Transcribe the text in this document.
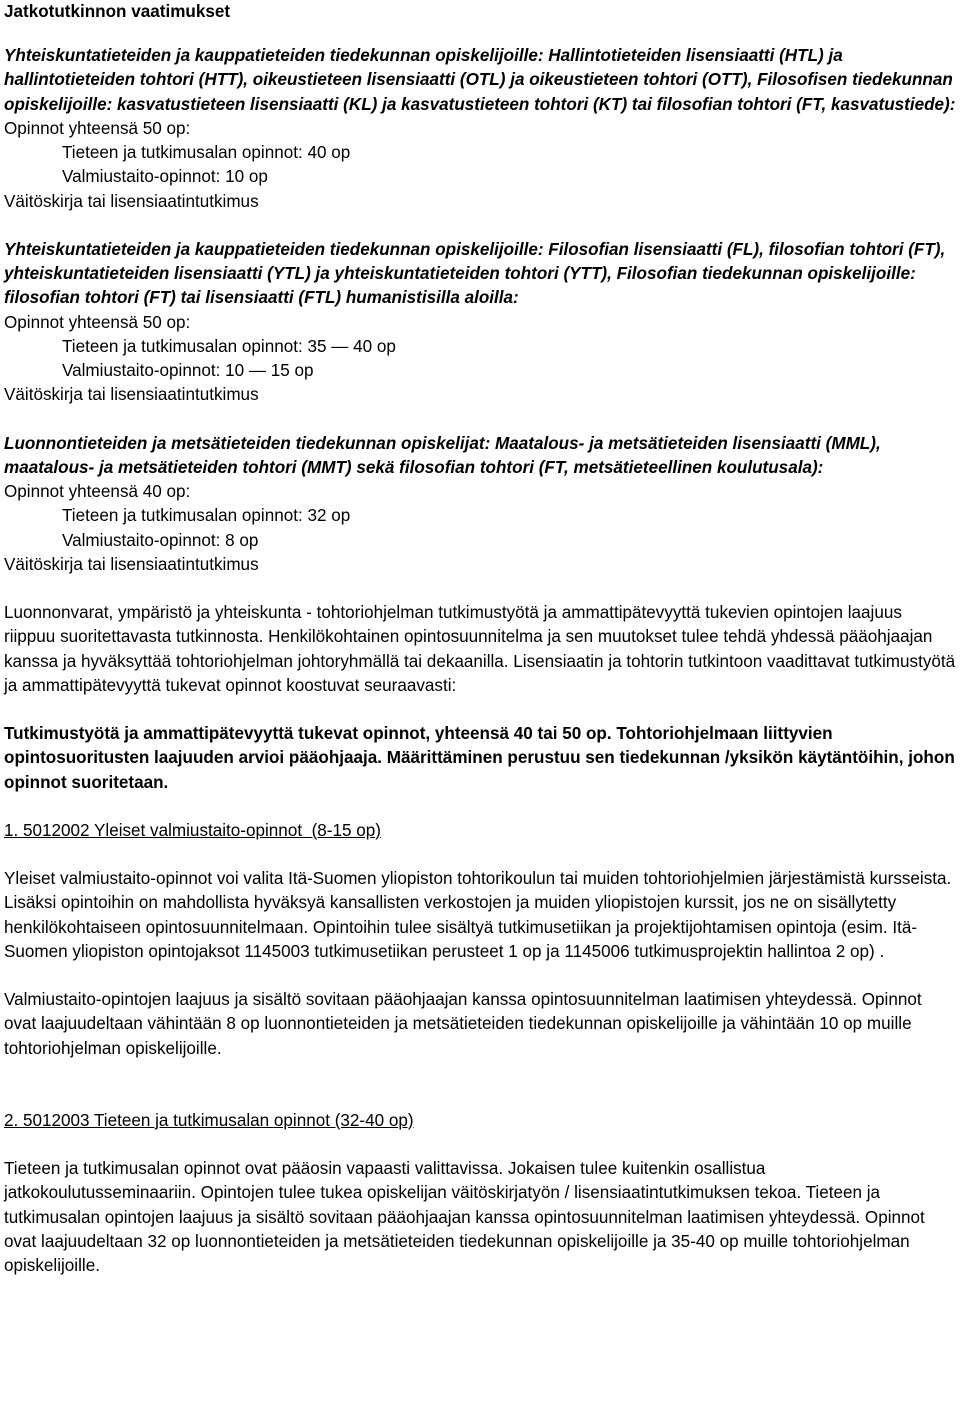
Jatkotutkinnon vaatimukset

Yhteiskuntatieteiden ja kauppatieteiden tiedekunnan opiskelijoille: Hallintotieteiden lisensiaatti (HTL) ja hallintotieteiden tohtori (HTT), oikeustieteen lisensiaatti (OTL) ja oikeustieteen tohtori (OTT), Filosofisen tiedekunnan opiskelijoille: kasvatustieteen lisensiaatti (KL) ja kasvatustieteen tohtori (KT) tai filosofian tohtori (FT, kasvatustiede):

Opinnot yhteensä 50 op:

Tieteen ja tutkimusalan opinnot: 40 op

Valmiustaito-opinnot: 10 op

Väitöskirja tai lisensiaatintutkimus

Yhteiskuntatieteiden ja kauppatieteiden tiedekunnan opiskelijoille: Filosofian lisensiaatti (FL), filosofian tohtori (FT), yhteiskuntatieteiden lisensiaatti (YTL) ja yhteiskuntatieteiden tohtori (YTT), Filosofian tiedekunnan opiskelijoille: filosofian tohtori (FT) tai lisensiaatti (FTL) humanistisilla aloilla:

Opinnot yhteensä 50 op:

Tieteen ja tutkimusalan opinnot: 35 — 40 op

Valmiustaito-opinnot: 10 — 15 op

Väitöskirja tai lisensiaatintutkimus

Luonnontieteiden ja metsätieteiden tiedekunnan opiskelijat: Maatalous- ja metsätieteiden lisensiaatti (MML), maatalous- ja metsätieteiden tohtori (MMT) sekä filosofian tohtori (FT, metsätieteellinen koulutusala):

Opinnot yhteensä 40 op:

Tieteen ja tutkimusalan opinnot: 32 op

Valmiustaito-opinnot: 8 op

Väitöskirja tai lisensiaatintutkimus

Luonnonvarat, ympäristö ja yhteiskunta - tohtoriohjelman tutkimustyötä ja ammattipätevyyttä tukevien opintojen laajuus riippuu suoritettavasta tutkinnosta. Henkilökohtainen opintosuunnitelma ja sen muutokset tulee tehdä yhdessä pääohjaajan kanssa ja hyväksyttää tohtoriohjelman johtoryhmällä tai dekaanilla. Lisensiaatin ja tohtorin tutkintoon vaadittavat tutkimustyötä ja ammattipätevyyttä tukevat opinnot koostuvat seuraavasti:

Tutkimustyötä ja ammattipätevyyttä tukevat opinnot, yhteensä 40 tai 50 op. Tohtoriohjelmaan liittyvien opintosuoritusten laajuuden arvioi pääohjaaja. Määrittäminen perustuu sen tiedekunnan /yksikön käytäntöihin, johon opinnot suoritetaan.

1. 5012002 Yleiset valmiustaito-opinnot  (8-15 op)

Yleiset valmiustaito-opinnot voi valita Itä-Suomen yliopiston tohtorikoulun tai muiden tohtoriohjelmien järjestämistä kursseista. Lisäksi opintoihin on mahdollista hyväksyä kansallisten verkostojen ja muiden yliopistojen kurssit, jos ne on sisällytetty henkilökohtaiseen opintosuunnitelmaan. Opintoihin tulee sisältyä tutkimusetiikan ja projektijohtamisen opintoja (esim. Itä-Suomen yliopiston opintojaksot 1145003 tutkimusetiikan perusteet 1 op ja 1145006 tutkimusprojektin hallintoa 2 op) .

Valmiustaito-opintojen laajuus ja sisältö sovitaan pääohjaajan kanssa opintosuunnitelman laatimisen yhteydessä. Opinnot ovat laajuudeltaan vähintään 8 op luonnontieteiden ja metsätieteiden tiedekunnan opiskelijoille ja vähintään 10 op muille tohtoriohjelman opiskelijoille.

2. 5012003 Tieteen ja tutkimusalan opinnot (32-40 op)

Tieteen ja tutkimusalan opinnot ovat pääosin vapaasti valittavissa. Jokaisen tulee kuitenkin osallistua jatkokoulutusseminaariin. Opintojen tulee tukea opiskelijan väitöskirjatyön / lisensiaatintutkimuksen tekoa. Tieteen ja tutkimusalan opintojen laajuus ja sisältö sovitaan pääohjaajan kanssa opintosuunnitelman laatimisen yhteydessä. Opinnot ovat laajuudeltaan 32 op luonnontieteiden ja metsätieteiden tiedekunnan opiskelijoille ja 35-40 op muille tohtoriohjelman opiskelijoille.
